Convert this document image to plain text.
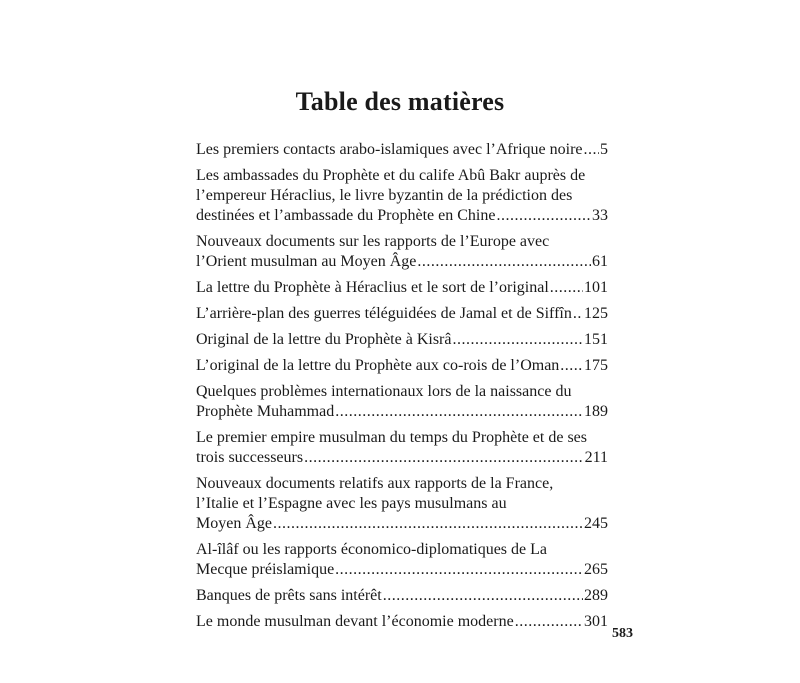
Table des matières
Les premiers contacts arabo-islamiques avec l’Afrique noire ..... 5
Les ambassades du Prophète et du calife Abû Bakr auprès de
l’empereur Héraclius, le livre byzantin de la prédiction des
destinées et l’ambassade du Prophète en Chine .....	33
Nouveaux documents sur les rapports de l’Europe avec
l’Orient musulman au Moyen Âge .....	61
La lettre du Prophète à Héraclius et le sort de l’original ..... 101
L’arrière-plan des guerres téléguidées de Jamal et de Siffîn ..... 125
Original de la lettre du Prophète à Kisrâ .....	151
L’original de la lettre du Prophète aux co-rois de l’Oman ..... 175
Quelques problèmes internationaux lors de la naissance du
Prophète Muhammad .....	189
Le premier empire musulman du temps du Prophète et de ses
trois successeurs .....	211
Nouveaux documents relatifs aux rapports de la France,
l’Italie et l’Espagne avec les pays musulmans au
Moyen Âge .....	245
Al-îlâf ou les rapports économico-diplomatiques de La
Mecque préislamique .....	265
Banques de prêts sans intérêt .....	289
Le monde musulman devant l’économie moderne .....	301
583
